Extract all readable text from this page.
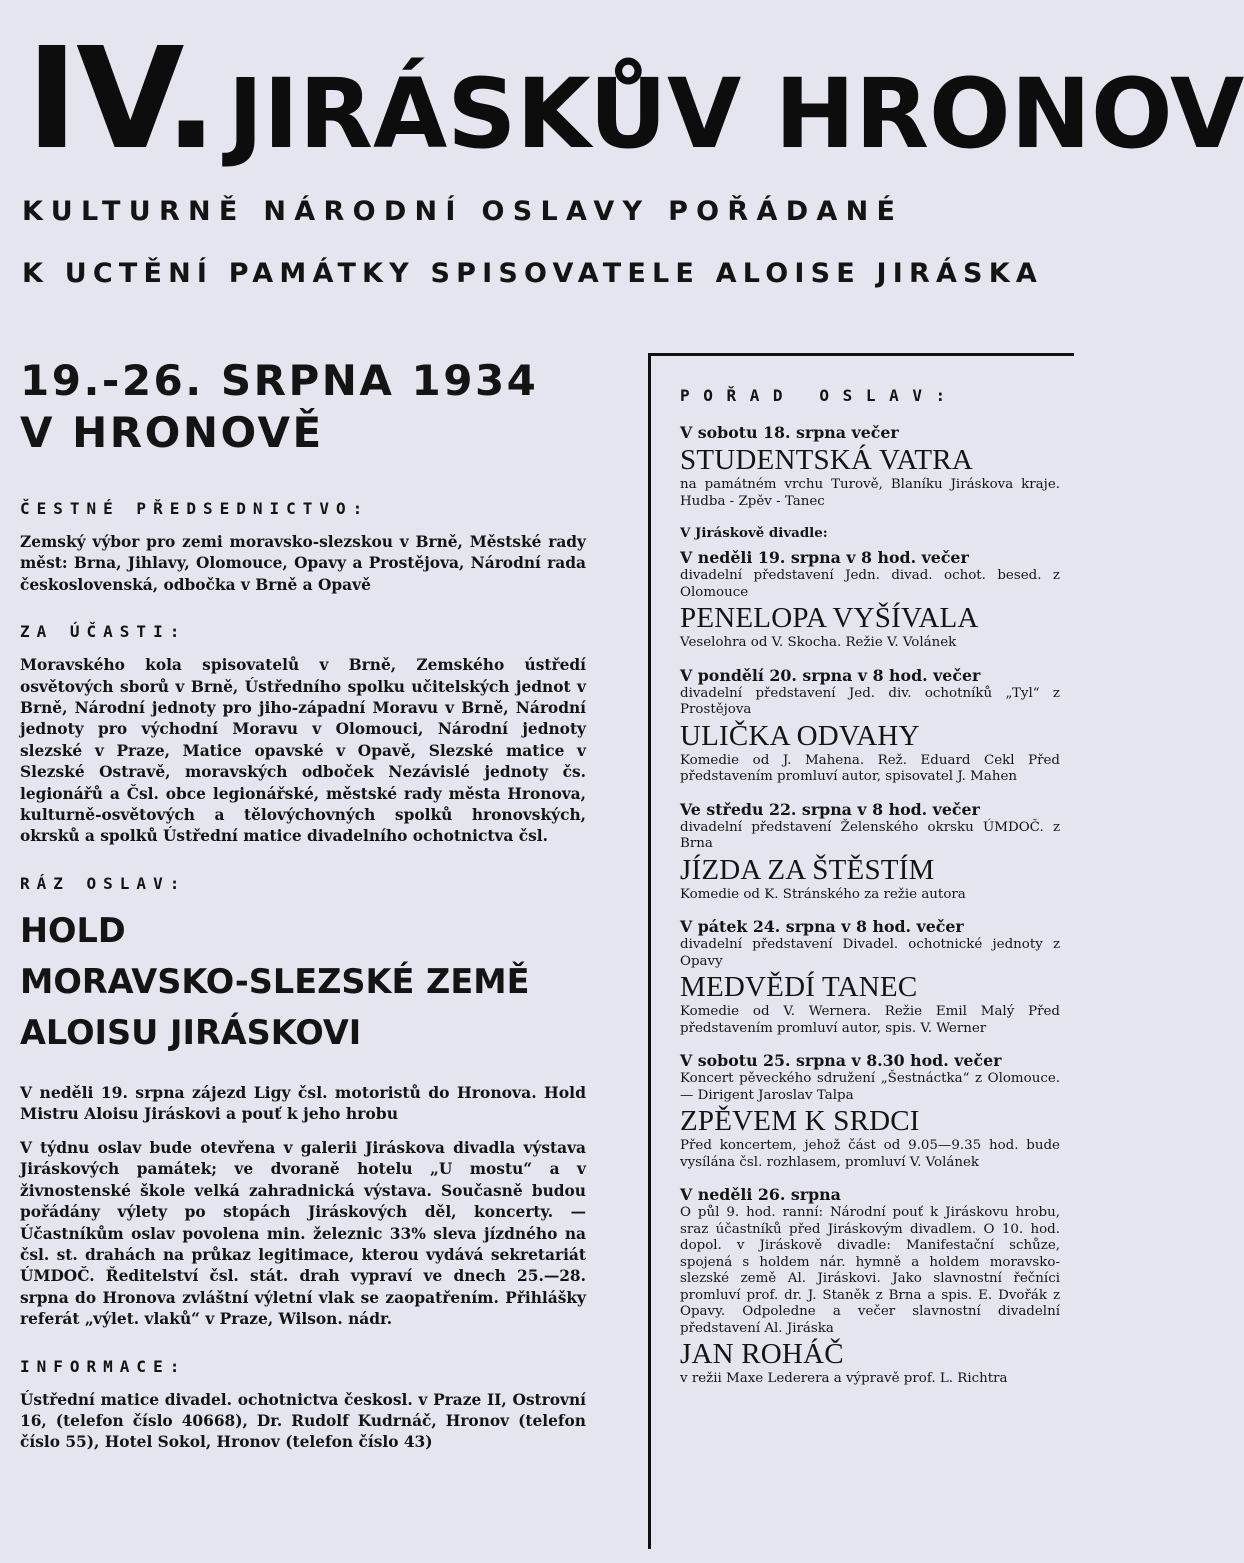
IV. JIRÁSKŮV HRONOV
KULTURNĚ NÁRODNÍ OSLAVY POŘÁDANÉ
K UCTĚNÍ PAMÁTKY SPISOVATELE ALOISE JIRÁSKA
19.-26. SRPNA 1934
V HRONOVĚ
ČESTNÉ PŘEDSEDNICTVO:

Zemský výbor pro zemi moravsko-slezskou v Brně, Městské rady měst: Brna, Jihlavy, Olomouce, Opavy a Prostějova, Národní rada československá, odbočka v Brně a Opavě

ZA ÚČASTI:

Moravského kola spisovatelů v Brně, Zemského ústředí osvětových sborů v Brně, Ústředního spolku učitelských jednot v Brně, Národní jednoty pro jiho-západní Moravu v Brně, Národní jednoty pro východní Moravu v Olomouci, Národní jednoty slezské v Praze, Matice opavské v Opavě, Slezské matice v Slezské Ostravě, moravských odboček Nezávislé jednoty čs. legionářů a Čsl. obce legionářské, městské rady města Hronova, kulturně-osvětových a tělovýchovných spolků hronovských, okrsků a spolků Ústřední matice divadelního ochotnictva čsl.

RÁZ OSLAV:
HOLD
MORAVSKO-SLEZSKÉ ZEMĚ
ALOISU JIRÁSKOVI

V neděli 19. srpna zájezd Ligy čsl. motoristů do Hronova. Hold Mistru Aloisu Jiráskovi a pouť k jeho hrobu

V týdnu oslav bude otevřena v galerii Jiráskova divadla výstava Jiráskových památek; ve dvoraně hotelu „U mostu“ a v živnostenské škole velká zahradnická výstava. Současně budou pořádány výlety po stopách Jiráskových děl, koncerty. — Účastníkům oslav povolena min. železnic 33% sleva jízdného na čsl. st. drahách na průkaz legitimace, kterou vydává sekretariát ÚMDOČ. Ředitelství čsl. stát. drah vypraví ve dnech 25.—28. srpna do Hronova zvláštní výletní vlak se zaopatřením. Přihlášky referát „výlet. vlaků“ v Praze, Wilson. nádr.

INFORMACE:

Ústřední matice divadel. ochotnictva českosl. v Praze II, Ostrovní 16, (telefon číslo 40668), Dr. Rudolf Kudrnáč, Hronov (telefon číslo 55), Hotel Sokol, Hronov (telefon číslo 43)

POŘAD OSLAV:
V sobotu 18. srpna večer
STUDENTSKÁ VATRA

na památném vrchu Turově, Blaníku Jiráskova kraje. Hudba - Zpěv - Tanec

V Jiráskově divadle:
V neděli 19. srpna v 8 hod. večer

divadelní představení Jedn. divad. ochot. besed. z Olomouce

PENELOPA VYŠÍVALA

Veselohra od V. Skocha. Režie V. Volánek

V pondělí 20. srpna v 8 hod. večer

divadelní představení Jed. div. ochotníků „Tyl“ z Prostějova

ULIČKA ODVAHY

Komedie od J. Mahena. Rež. Eduard Cekl Před představením promluví autor, spisovatel J. Mahen

Ve středu 22. srpna v 8 hod. večer

divadelní představení Želenského okrsku ÚMDOČ. z Brna

JÍZDA ZA ŠTĚSTÍM

Komedie od K. Stránského za režie autora

V pátek 24. srpna v 8 hod. večer

divadelní představení Divadel. ochotnické jednoty z Opavy

MEDVĚDÍ TANEC

Komedie od V. Wernera. Režie Emil Malý Před představením promluví autor, spis. V. Werner

V sobotu 25. srpna v 8.30 hod. večer

Koncert pěveckého sdružení „Šestnáctka“ z Olomouce. — Dirigent Jaroslav Talpa

ZPĚVEM K SRDCI

Před koncertem, jehož část od 9.05—9.35 hod. bude vysílána čsl. rozhlasem, promluví V. Volánek

V neděli 26. srpna

O půl 9. hod. ranní: Národní pouť k Jiráskovu hrobu, sraz účastníků před Jiráskovým divadlem. O 10. hod. dopol. v Jiráskově divadle: Manifestační schůze, spojená s holdem nár. hymně a holdem moravsko-slezské země Al. Jiráskovi. Jako slavnostní řečníci promluví prof. dr. J. Staněk z Brna a spis. E. Dvořák z Opavy. Odpoledne a večer slavnostní divadelní představení Al. Jiráska

JAN ROHÁČ

v režii Maxe Lederera a výpravě prof. L. Richtra
